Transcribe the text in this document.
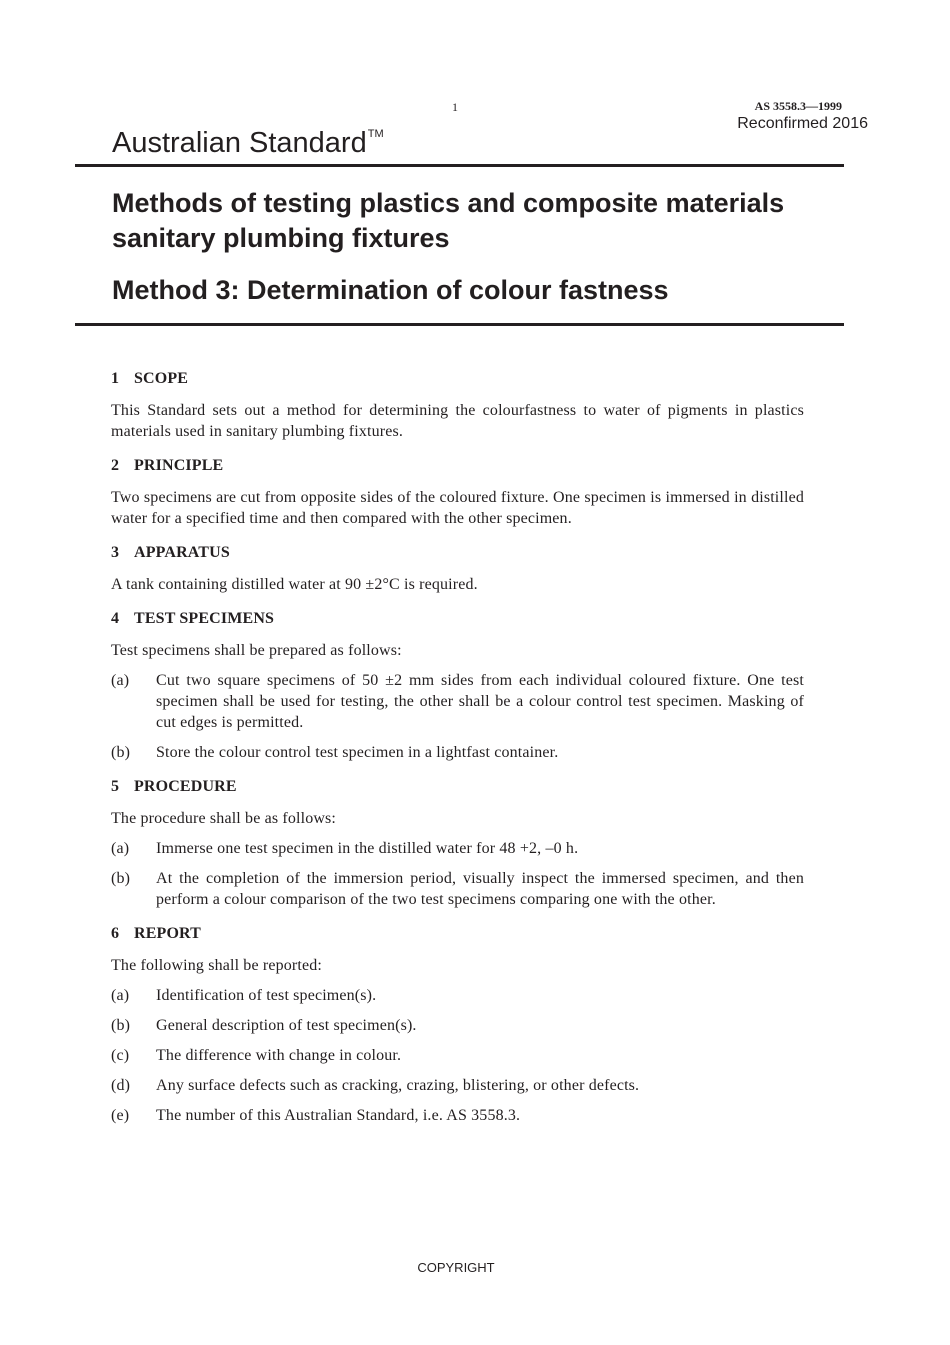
1	AS 3558.3—1999
Reconfirmed 2016
Australian Standard™
Methods of testing plastics and composite materials sanitary plumbing fixtures
Method 3: Determination of colour fastness
1 SCOPE

This Standard sets out a method for determining the colourfastness to water of pigments in plastics materials used in sanitary plumbing fixtures.

2 PRINCIPLE

Two specimens are cut from opposite sides of the coloured fixture. One specimen is immersed in distilled water for a specified time and then compared with the other specimen.

3 APPARATUS

A tank containing distilled water at 90 ±2°C is required.

4 TEST SPECIMENS

Test specimens shall be prepared as follows:

(a)	Cut two square specimens of 50 ±2 mm sides from each individual coloured fixture. One test specimen shall be used for testing, the other shall be a colour control test specimen. Masking of cut edges is permitted.
(b)	Store the colour control test specimen in a lightfast container.
5 PROCEDURE

The procedure shall be as follows:

(a)	Immerse one test specimen in the distilled water for 48 +2, –0 h.
(b)	At the completion of the immersion period, visually inspect the immersed specimen, and then perform a colour comparison of the two test specimens comparing one with the other.
6 REPORT

The following shall be reported:

(a)	Identification of test specimen(s).
(b)	General description of test specimen(s).
(c)	The difference with change in colour.
(d)	Any surface defects such as cracking, crazing, blistering, or other defects.
(e)	The number of this Australian Standard, i.e. AS 3558.3.
COPYRIGHT
